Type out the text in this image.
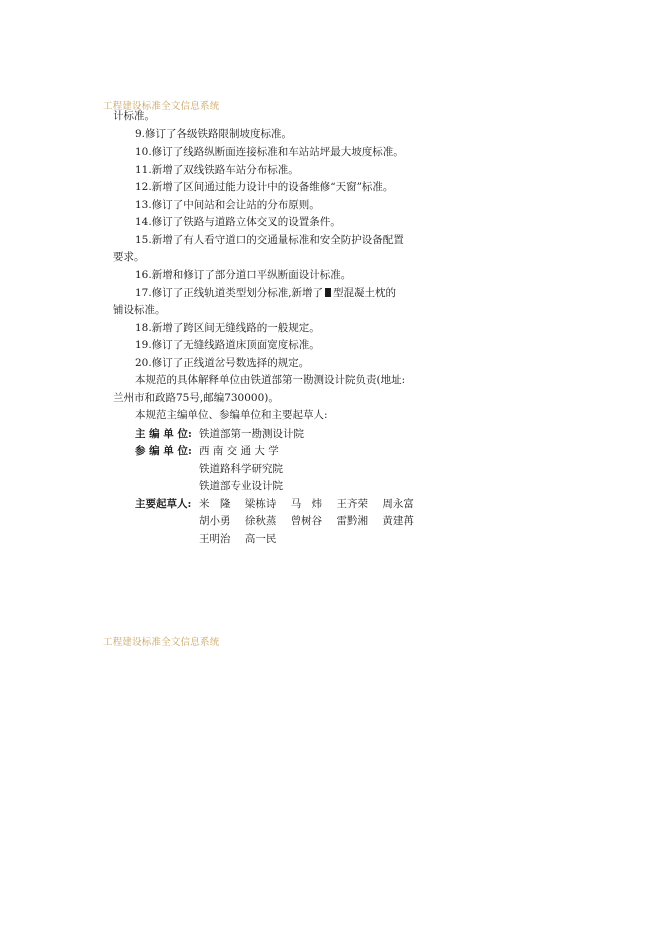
工程建设标准全文信息系统
计标准。
9.修订了各级铁路限制坡度标准。
10.修订了线路纵断面连接标准和车站站坪最大坡度标准。
11.新增了双线铁路车站分布标准。
12.新增了区间通过能力设计中的设备维修“天窗”标准。
13.修订了中间站和会让站的分布原则。
14.修订了铁路与道路立体交叉的设置条件。
15.新增了有人看守道口的交通量标准和安全防护设备配置
要求。
16.新增和修订了部分道口平纵断面设计标准。
17.修订了正线轨道类型划分标准,新增了 型混凝土枕的
铺设标准。
18.新增了跨区间无缝线路的一般规定。
19.修订了无缝线路道床顶面宽度标准。
20.修订了正线道岔号数选择的规定。
本规范的具体解释单位由铁道部第一勘测设计院负责(地址:
兰州市和政路75号,邮编730000)。
本规范主编单位、参编单位和主要起草人:
主 编 单 位: 铁道部第一勘测设计院
参 编 单 位: 西 南 交 通 大 学
铁道路科学研究院
铁道部专业设计院
主要起草人: 米　隆 梁栋诗 马　炜 王齐荣 周永富
胡小勇 徐秋蒸 曾树谷 雷黔湘 黄建苒
王明治 高一民
工程建设标准全文信息系统
